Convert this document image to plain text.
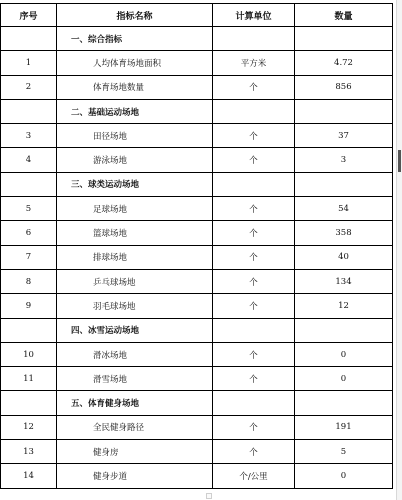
序号	指标名称	计算单位	数量
	一、综合指标		
1	人均体育场地面积	平方米	4.72
2	体育场地数量	个	856
	二、基础运动场地		
3	田径场地	个	37
4	游泳场地	个	3
	三、球类运动场地		
5	足球场地	个	54
6	篮球场地	个	358
7	排球场地	个	40
8	乒乓球场地	个	134
9	羽毛球场地	个	12
	四、冰雪运动场地		
10	滑冰场地	个	0
11	滑雪场地	个	0
	五、体育健身场地		
12	全民健身路径	个	191
13	健身房	个	5
14	健身步道	个/公里	0
